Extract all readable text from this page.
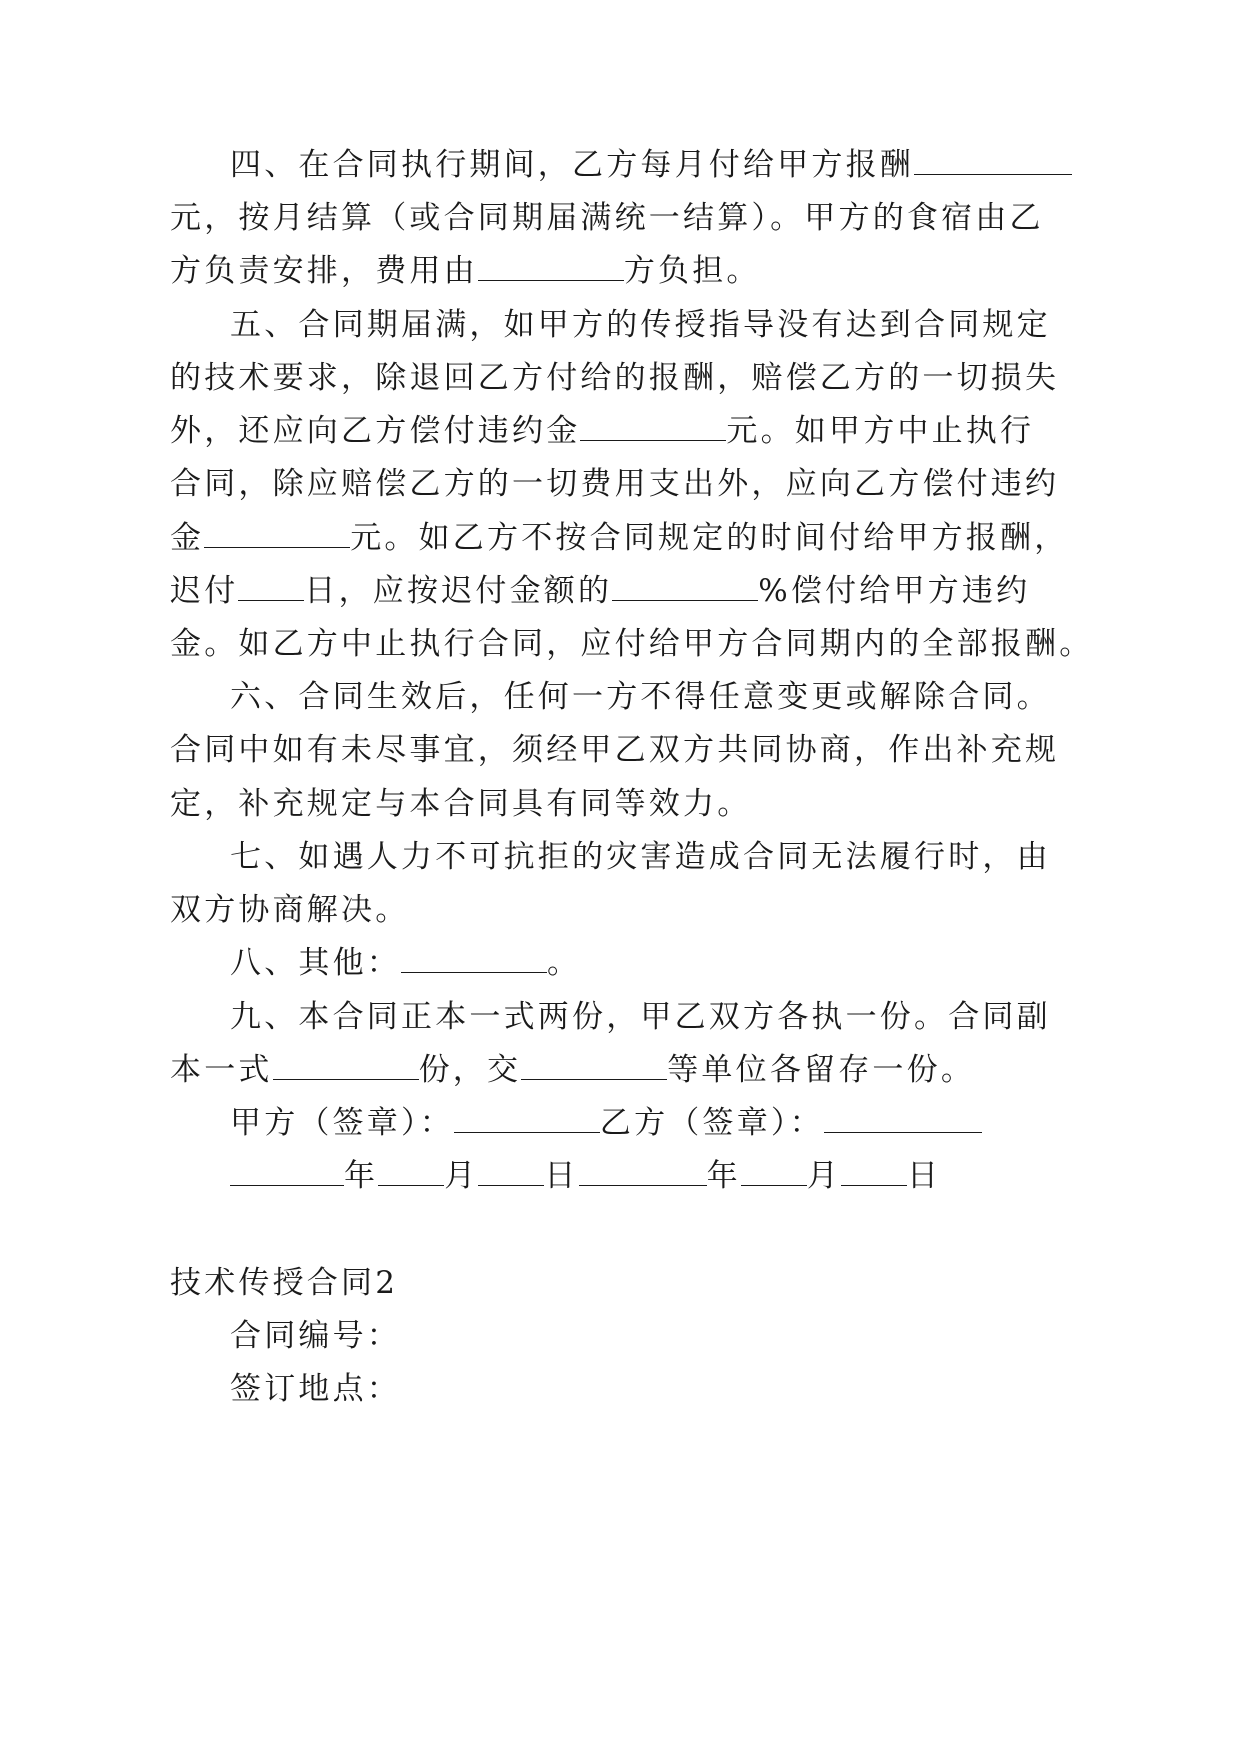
四、在合同执行期间，乙方每月付给甲方报酬
元，按月结算（或合同期届满统一结算）。甲方的食宿由乙
方负责安排，费用由	方负担。
五、合同期届满，如甲方的传授指导没有达到合同规定
的技术要求，除退回乙方付给的报酬，赔偿乙方的一切损失
外，还应向乙方偿付违约金	元。如甲方中止执行
合同，除应赔偿乙方的一切费用支出外，应向乙方偿付违约
金	元。如乙方不按合同规定的时间付给甲方报酬，
迟付 日，应按迟付金额的	%偿付给甲方违约
金。如乙方中止执行合同，应付给甲方合同期内的全部报酬。
六、合同生效后，任何一方不得任意变更或解除合同。
合同中如有未尽事宜，须经甲乙双方共同协商，作出补充规
定，补充规定与本合同具有同等效力。
七、如遇人力不可抗拒的灾害造成合同无法履行时，由
双方协商解决。
八、其他：	。
九、本合同正本一式两份，甲乙双方各执一份。合同副
本一式	份，交	等单位各留存一份。
甲方（签章）：	乙方（签章）：
年 月 日	年 月 日
技术传授合同2
合同编号：
签订地点：
